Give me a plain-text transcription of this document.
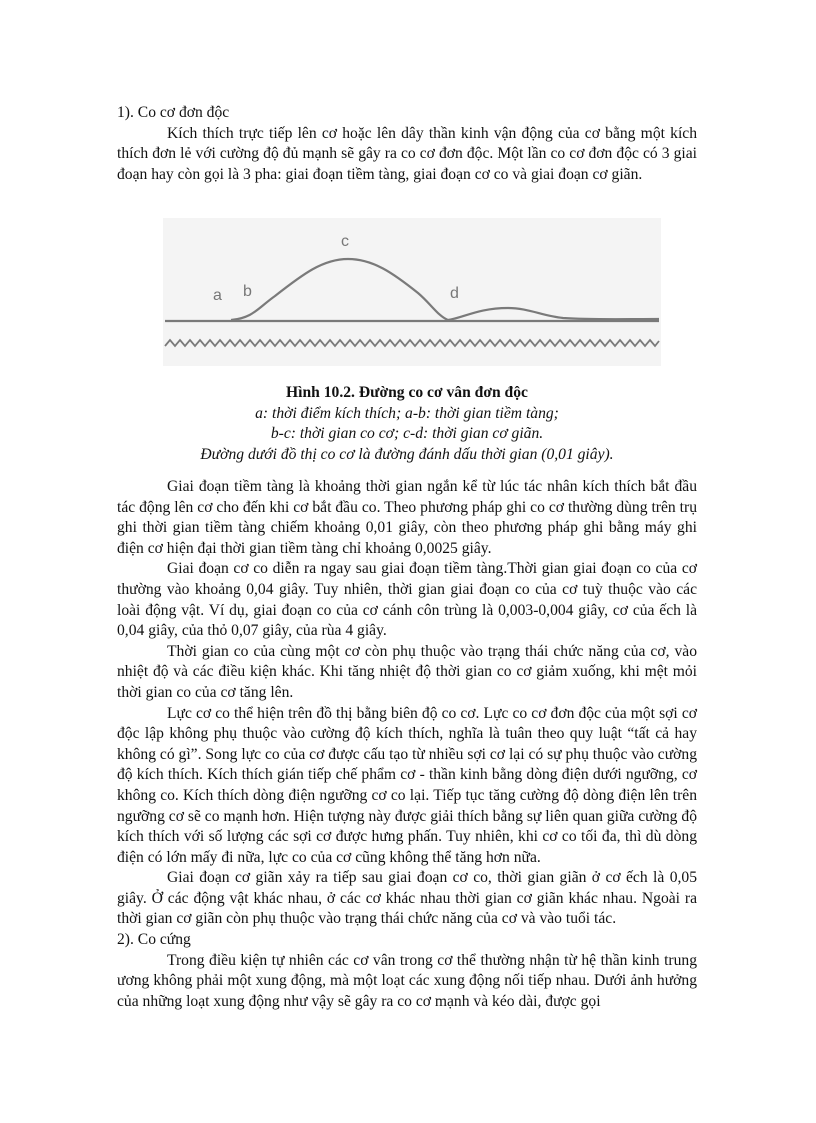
1). Co cơ đơn độc

Kích thích trực tiếp lên cơ hoặc lên dây thần kinh vận động của cơ bằng một kích thích đơn lẻ với cường độ đủ mạnh sẽ gây ra co cơ đơn độc. Một lần co cơ đơn độc có 3 giai đoạn hay còn gọi là 3 pha: giai đoạn tiềm tàng, giai đoạn cơ co và giai đoạn cơ giãn.

a b
c
d
Hình 10.2. Đường co cơ vân đơn độc
a: thời điểm kích thích; a-b: thời gian tiềm tàng;
b-c: thời gian co cơ; c-d: thời gian cơ giãn.
Đường dưới đồ thị co cơ là đường đánh dấu thời gian (0,01 giây).

Giai đoạn tiềm tàng là khoảng thời gian ngắn kể từ lúc tác nhân kích thích bắt đầu tác động lên cơ cho đến khi cơ bắt đầu co. Theo phương pháp ghi co cơ thường dùng trên trụ ghi thời gian tiềm tàng chiếm khoảng 0,01 giây, còn theo phương pháp ghi bằng máy ghi điện cơ hiện đại thời gian tiềm tàng chỉ khoảng 0,0025 giây.

Giai đoạn cơ co diễn ra ngay sau giai đoạn tiềm tàng.Thời gian giai đoạn co của cơ thường vào khoảng 0,04 giây. Tuy nhiên, thời gian giai đoạn co của cơ tuỳ thuộc vào các loài động vật. Ví dụ, giai đoạn co của cơ cánh côn trùng là 0,003-0,004 giây, cơ của ếch là 0,04 giây, của thỏ 0,07 giây, của rùa 4 giây.

Thời gian co của cùng một cơ còn phụ thuộc vào trạng thái chức năng của cơ, vào nhiệt độ và các điều kiện khác. Khi tăng nhiệt độ thời gian co cơ giảm xuống, khi mệt mỏi thời gian co của cơ tăng lên.

Lực cơ co thể hiện trên đồ thị bằng biên độ co cơ. Lực co cơ đơn độc của một sợi cơ độc lập không phụ thuộc vào cường độ kích thích, nghĩa là tuân theo quy luật “tất cả hay không có gì”. Song lực co của cơ được cấu tạo từ nhiều sợi cơ lại có sự phụ thuộc vào cường độ kích thích. Kích thích gián tiếp chế phẩm cơ - thần kinh bằng dòng điện dưới ngưỡng, cơ không co. Kích thích dòng điện ngưỡng cơ co lại. Tiếp tục tăng cường độ dòng điện lên trên ngưỡng cơ sẽ co mạnh hơn. Hiện tượng này được giải thích bằng sự liên quan giữa cường độ kích thích với số lượng các sợi cơ được hưng phấn. Tuy nhiên, khi cơ co tối đa, thì dù dòng điện có lớn mấy đi nữa, lực co của cơ cũng không thể tăng hơn nữa.

Giai đoạn cơ giãn xảy ra tiếp sau giai đoạn cơ co, thời gian giãn ở cơ ếch là 0,05 giây. Ở các động vật khác nhau, ở các cơ khác nhau thời gian cơ giãn khác nhau. Ngoài ra thời gian cơ giãn còn phụ thuộc vào trạng thái chức năng của cơ và vào tuổi tác.

2). Co cứng

Trong điều kiện tự nhiên các cơ vân trong cơ thể thường nhận từ hệ thần kinh trung ương không phải một xung động, mà một loạt các xung động nối tiếp nhau. Dưới ảnh hưởng của những loạt xung động như vậy sẽ gây ra co cơ mạnh và kéo dài, được gọi
